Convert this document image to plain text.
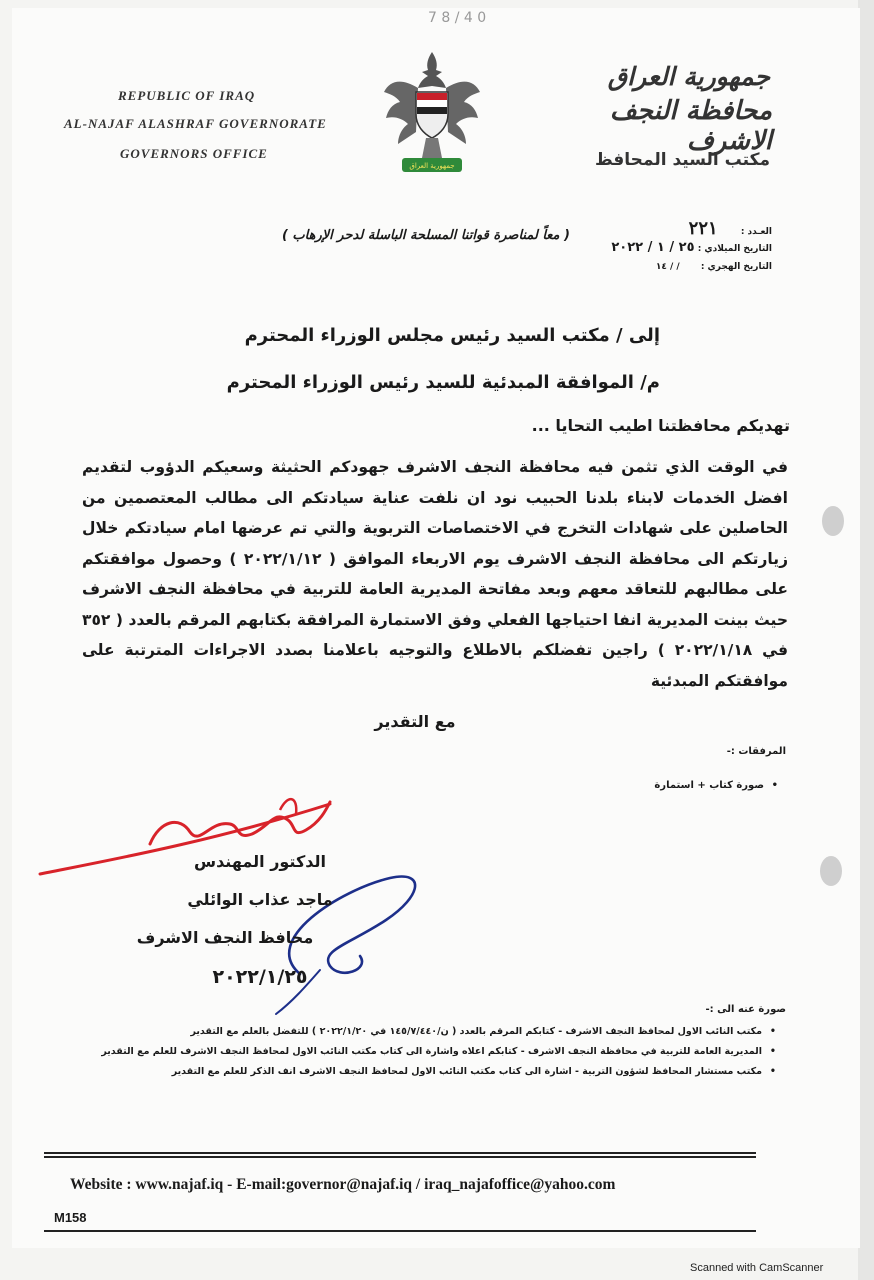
7 8 / 4 0
REPUBLIC OF IRAQ
AL-NAJAF ALASHRAF GOVERNORATE
GOVERNORS OFFICE
جمهورية العراق
جمهورية العراق
محافظة النجف الاشرف
مكتب السيد المحافظ
( معاً لمناصرة قواتنا المسلحة الباسلة لدحر الإرهاب )	العـدد : ٢٢١
التاريخ الميلادي : ٢٥ / ١ / ٢٠٢٢
التاريخ الهجري : / / ١٤
إلى / مكتب السيد رئيس مجلس الوزراء المحترم
م/ الموافقة المبدئية للسيد رئيس الوزراء المحترم
تهديكم محافظتنا اطيب التحايا ...
في الوقت الذي تثمن فيه محافظة النجف الاشرف جهودكم الحثيثة وسعيكم الدؤوب لتقديم افضل الخدمات لابناء بلدنا الحبيب نود ان نلفت عناية سيادتكم الى مطالب المعتصمين من الحاصلين على شهادات التخرج في الاختصاصات التربوية والتي تم عرضها امام سيادتكم خلال زيارتكم الى محافظة النجف الاشرف يوم الاربعاء الموافق ( ٢٠٢٢/١/١٢ ) وحصول موافقتكم على مطالبهم للتعاقد معهم وبعد مفاتحة المديرية العامة للتربية في محافظة النجف الاشرف حيث بينت المديرية انفا احتياجها الفعلي وفق الاستمارة المرافقة بكتابهم المرقم بالعدد ( ٣٥٢ في ٢٠٢٢/١/١٨ ) راجين تفضلكم بالاطلاع والتوجيه باعلامنا بصدد الاجراءات المترتبة على موافقتكم المبدئية
مع التقدير
المرفقات :-
صورة كتاب + استمارة •
الدكتور المهندس
ماجد عذاب الوائلي
محافظ النجف الاشرف
٢٠٢٢/١/٢٥
صورة عنه الى :-
مكتب النائب الاول لمحافظ النجف الاشرف - كتابكم المرقم بالعدد ( ن/١٤٥/٧/٤٤٠ في ٢٠٢٢/١/٢٠ ) للتفضل بالعلم مع التقدير •
المديرية العامة للتربية في محافظة النجف الاشرف - كتابكم اعلاه واشارة الى كتاب مكتب النائب الاول لمحافظ النجف الاشرف للعلم مع التقدير •
مكتب مستشار المحافظ لشؤون التربية - اشارة الى كتاب مكتب النائب الاول لمحافظ النجف الاشرف انف الذكر للعلم مع التقدير •
Website : www.najaf.iq - E-mail:governor@najaf.iq / iraq_najafoffice@yahoo.com
M158
Scanned with CamScanner
